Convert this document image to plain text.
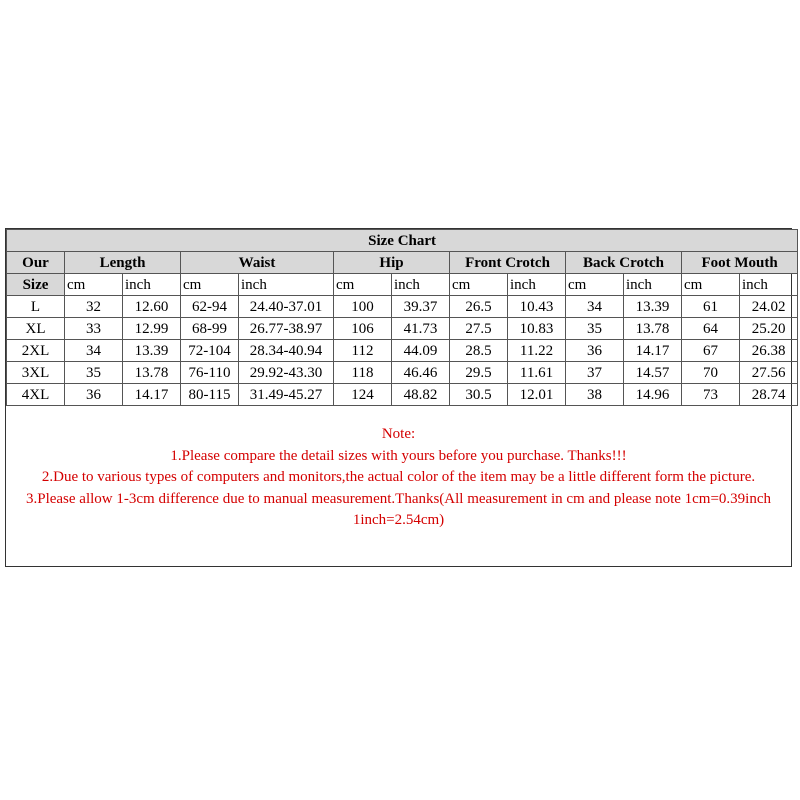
Size Chart												
Our	Length		Waist		Hip		Front Crotch		Back Crotch		Foot Mouth	
Size	cm	inch	cm	inch	cm	inch	cm	inch	cm	inch	cm	inch
L	32	12.60	62-94	24.40-37.01	100	39.37	26.5	10.43	34	13.39	61	24.02
XL	33	12.99	68-99	26.77-38.97	106	41.73	27.5	10.83	35	13.78	64	25.20
2XL	34	13.39	72-104	28.34-40.94	112	44.09	28.5	11.22	36	14.17	67	26.38
3XL	35	13.78	76-110	29.92-43.30	118	46.46	29.5	11.61	37	14.57	70	27.56
4XL	36	14.17	80-115	31.49-45.27	124	48.82	30.5	12.01	38	14.96	73	28.74
Note:
1.Please compare the detail sizes with yours before you purchase. Thanks!!!
2.Due to various types of computers and monitors,the actual color of the item may be a little different form the picture.
3.Please allow 1-3cm difference due to manual measurement.Thanks(All measurement in cm and please note 1cm=0.39inch 1inch=2.54cm)
